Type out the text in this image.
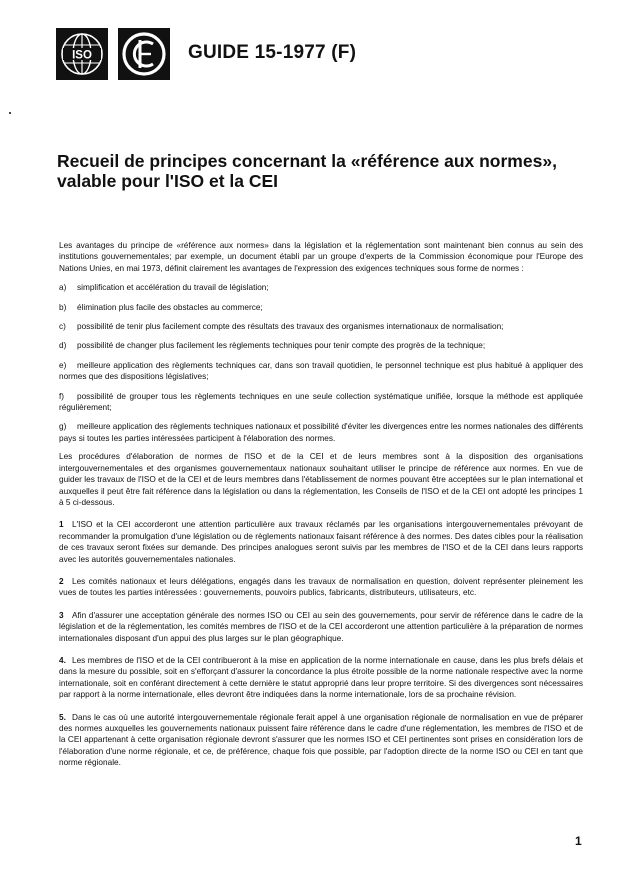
ISO
CEI
GUIDE 15-1977 (F)
Recueil de principes concernant la «référence aux normes»,
valable pour l'ISO et la CEI

Les avantages du principe de «référence aux normes» dans la législation et la réglementation sont maintenant bien connus au sein des institutions gouvernementales; par exemple, un document établi par un groupe d'experts de la Commission économique pour l'Europe des Nations Unies, en mai 1973, définit clairement les avantages de l'expression des exigences techniques sous forme de normes :

a) simplification et accélération du travail de législation;
b) élimination plus facile des obstacles au commerce;
c) possibilité de tenir plus facilement compte des résultats des travaux des organismes internationaux de normalisation;
d) possibilité de changer plus facilement les règlements techniques pour tenir compte des progrès de la technique;
e) meilleure application des règlements techniques car, dans son travail quotidien, le personnel technique est plus habitué à appliquer des normes que des dispositions législatives;
f) possibilité de grouper tous les règlements techniques en une seule collection systématique unifiée, lorsque la méthode est appliquée régulièrement;
g) meilleure application des règlements techniques nationaux et possibilité d'éviter les divergences entre les normes nationales des différents pays si toutes les parties intéressées participent à l'élaboration des normes.

Les procédures d'élaboration de normes de l'ISO et de la CEI et de leurs membres sont à la disposition des organisations intergouvernementales et des organismes gouvernementaux nationaux souhaitant utiliser le principe de référence aux normes. En vue de guider les travaux de l'ISO et de la CEI et de leurs membres dans l'établissement de normes pouvant être acceptées sur le plan international et auxquelles il peut être fait référence dans la législation ou dans la réglementation, les Conseils de l'ISO et de la CEI ont adopté les principes 1 à 5 ci-dessous.

1 L'ISO et la CEI accorderont une attention particulière aux travaux réclamés par les organisations intergouvernementales prévoyant de recommander la promulgation d'une législation ou de règlements nationaux faisant référence à des normes. Des dates cibles pour la réalisation de ces travaux seront fixées sur demande. Des principes analogues seront suivis par les membres de l'ISO et de la CEI dans leurs rapports avec les autorités gouvernementales nationales.

2 Les comités nationaux et leurs délégations, engagés dans les travaux de normalisation en question, doivent représenter pleinement les vues de toutes les parties intéressées : gouvernements, pouvoirs publics, fabricants, distributeurs, utilisateurs, etc.

3 Afin d'assurer une acceptation générale des normes ISO ou CEI au sein des gouvernements, pour servir de référence dans le cadre de la législation et de la réglementation, les comités membres de l'ISO et de la CEI accorderont une attention particulière à la préparation de normes internationales disposant d'un appui des plus larges sur le plan géographique.

4. Les membres de l'ISO et de la CEI contribueront à la mise en application de la norme internationale en cause, dans les plus brefs délais et dans la mesure du possible, soit en s'efforçant d'assurer la concordance la plus étroite possible de la norme nationale respective avec la norme internationale, soit en conférant directement à cette dernière le statut approprié dans leur propre territoire. Si des divergences sont nécessaires par rapport à la norme internationale, elles devront être indiquées dans la norme internationale, lors de sa prochaine révision.

5. Dans le cas où une autorité intergouvernementale régionale ferait appel à une organisation régionale de normalisation en vue de préparer des normes auxquelles les gouvernements nationaux puissent faire référence dans le cadre d'une réglementation, les membres de l'ISO et de la CEI appartenant à cette organisation régionale devront s'assurer que les normes ISO et CEI pertinentes sont prises en considération lors de l'élaboration d'une norme régionale, et ce, de préférence, chaque fois que possible, par l'adoption directe de la norme ISO ou CEI en tant que norme régionale.

1
